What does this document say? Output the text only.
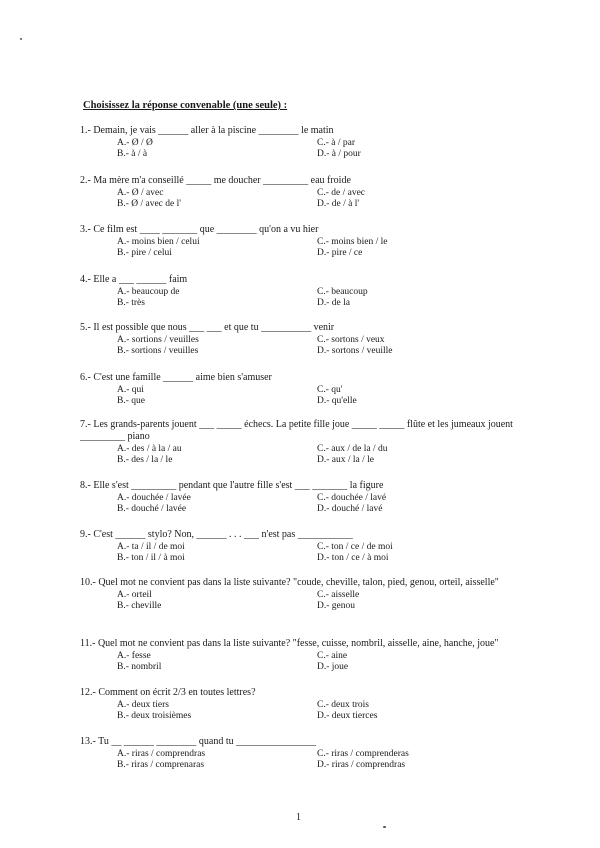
Choisissez la réponse convenable (une seule) :
1.- Demain, je vais ______ aller à la piscine ________ le matin
A.- Ø / Ø	C.- à / par
B.- à / à	D.- à / pour
2.- Ma mère m'a conseillé _____ me doucher _________ eau froide
A.- Ø / avec	C.- de / avec
B.- Ø / avec de l'	D.- de / à l'
3.- Ce film est ____ _______ que ________ qu'on a vu hier
A.- moins bien / celui	C.- moins bien / le
B.- pire / celui	D.- pire / ce
4.- Elle a ___ ______ faim
A.- beaucoup de	C.- beaucoup
B.- très	D.- de la
5.- Il est possible que nous ___ ___ et que tu __________ venir
A.- sortions / veuilles	C.- sortons / veux
B.- sortions / veuilles	D.- sortons / veuille
6.- C'est une famille ______ aime bien s'amuser
A.- qui	C.- qu'
B.- que	D.- qu'elle
7.- Les grands-parents jouent ___ _____ échecs. La petite fille joue _____ _____ flûte et les jumeaux jouent _________ piano
A.- des / à la / au	C.- aux / de la / du
B.- des / la / le	D.- aux / la / le
8.- Elle s'est _________ pendant que l'autre fille s'est ___ _______ la figure
A.- douchée / lavée	C.- douchée / lavé
B.- douché / lavée	D.- douché / lavé
9.- C'est ______ stylo? Non, ______ . . . ___ n'est pas ___________
A.- ta / il / de moi	C.- ton / ce / de moi
B.- ton / il / à moi	D.- ton / ce / à moi
10.- Quel mot ne convient pas dans la liste suivante? "coude, cheville, talon, pied, genou, orteil, aisselle"
A.- orteil	C.- aisselle
B.- cheville	D.- genou
11.- Quel mot ne convient pas dans la liste suivante? "fesse, cuisse, nombril, aisselle, aine, hanche, joue"
A.- fesse	C.- aine
B.- nombril	D.- joue
12.- Comment on écrit 2/3 en toutes lettres?
A.- deux tiers	C.- deux trois
B.- deux troisièmes	D.- deux tierces
13.- Tu __ ______ ________ quand tu ________________
A.- riras / comprendras	C.- riras / comprenderas
B.- riras / comprenaras	D.- riras / comprendras
1
